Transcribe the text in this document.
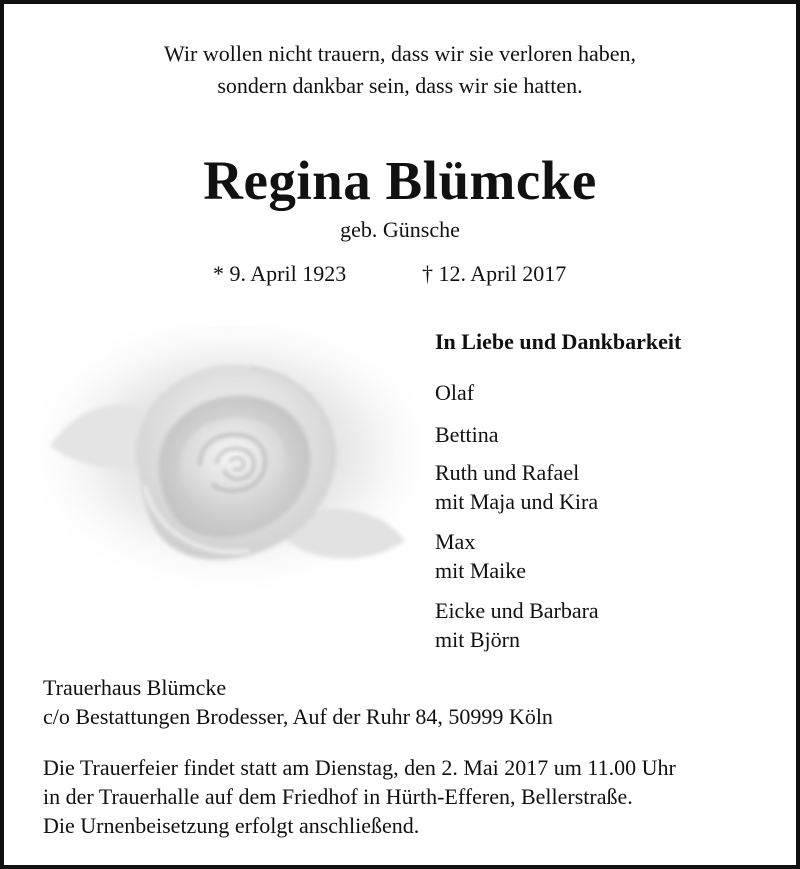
Wir wollen nicht trauern, dass wir sie verloren haben,
sondern dankbar sein, dass wir sie hatten.
Regina Blümcke
geb. Günsche
* 9. April 1923	† 12. April 2017
In Liebe und Dankbarkeit
Olaf
Bettina
Ruth und Rafael
mit Maja und Kira
Max
mit Maike
Eicke und Barbara
mit Björn
Trauerhaus Blümcke
c/o Bestattungen Brodesser, Auf der Ruhr 84, 50999 Köln
Die Trauerfeier findet statt am Dienstag, den 2. Mai 2017 um 11.00 Uhr
in der Trauerhalle auf dem Friedhof in Hürth-Efferen, Bellerstraße.
Die Urnenbeisetzung erfolgt anschließend.
